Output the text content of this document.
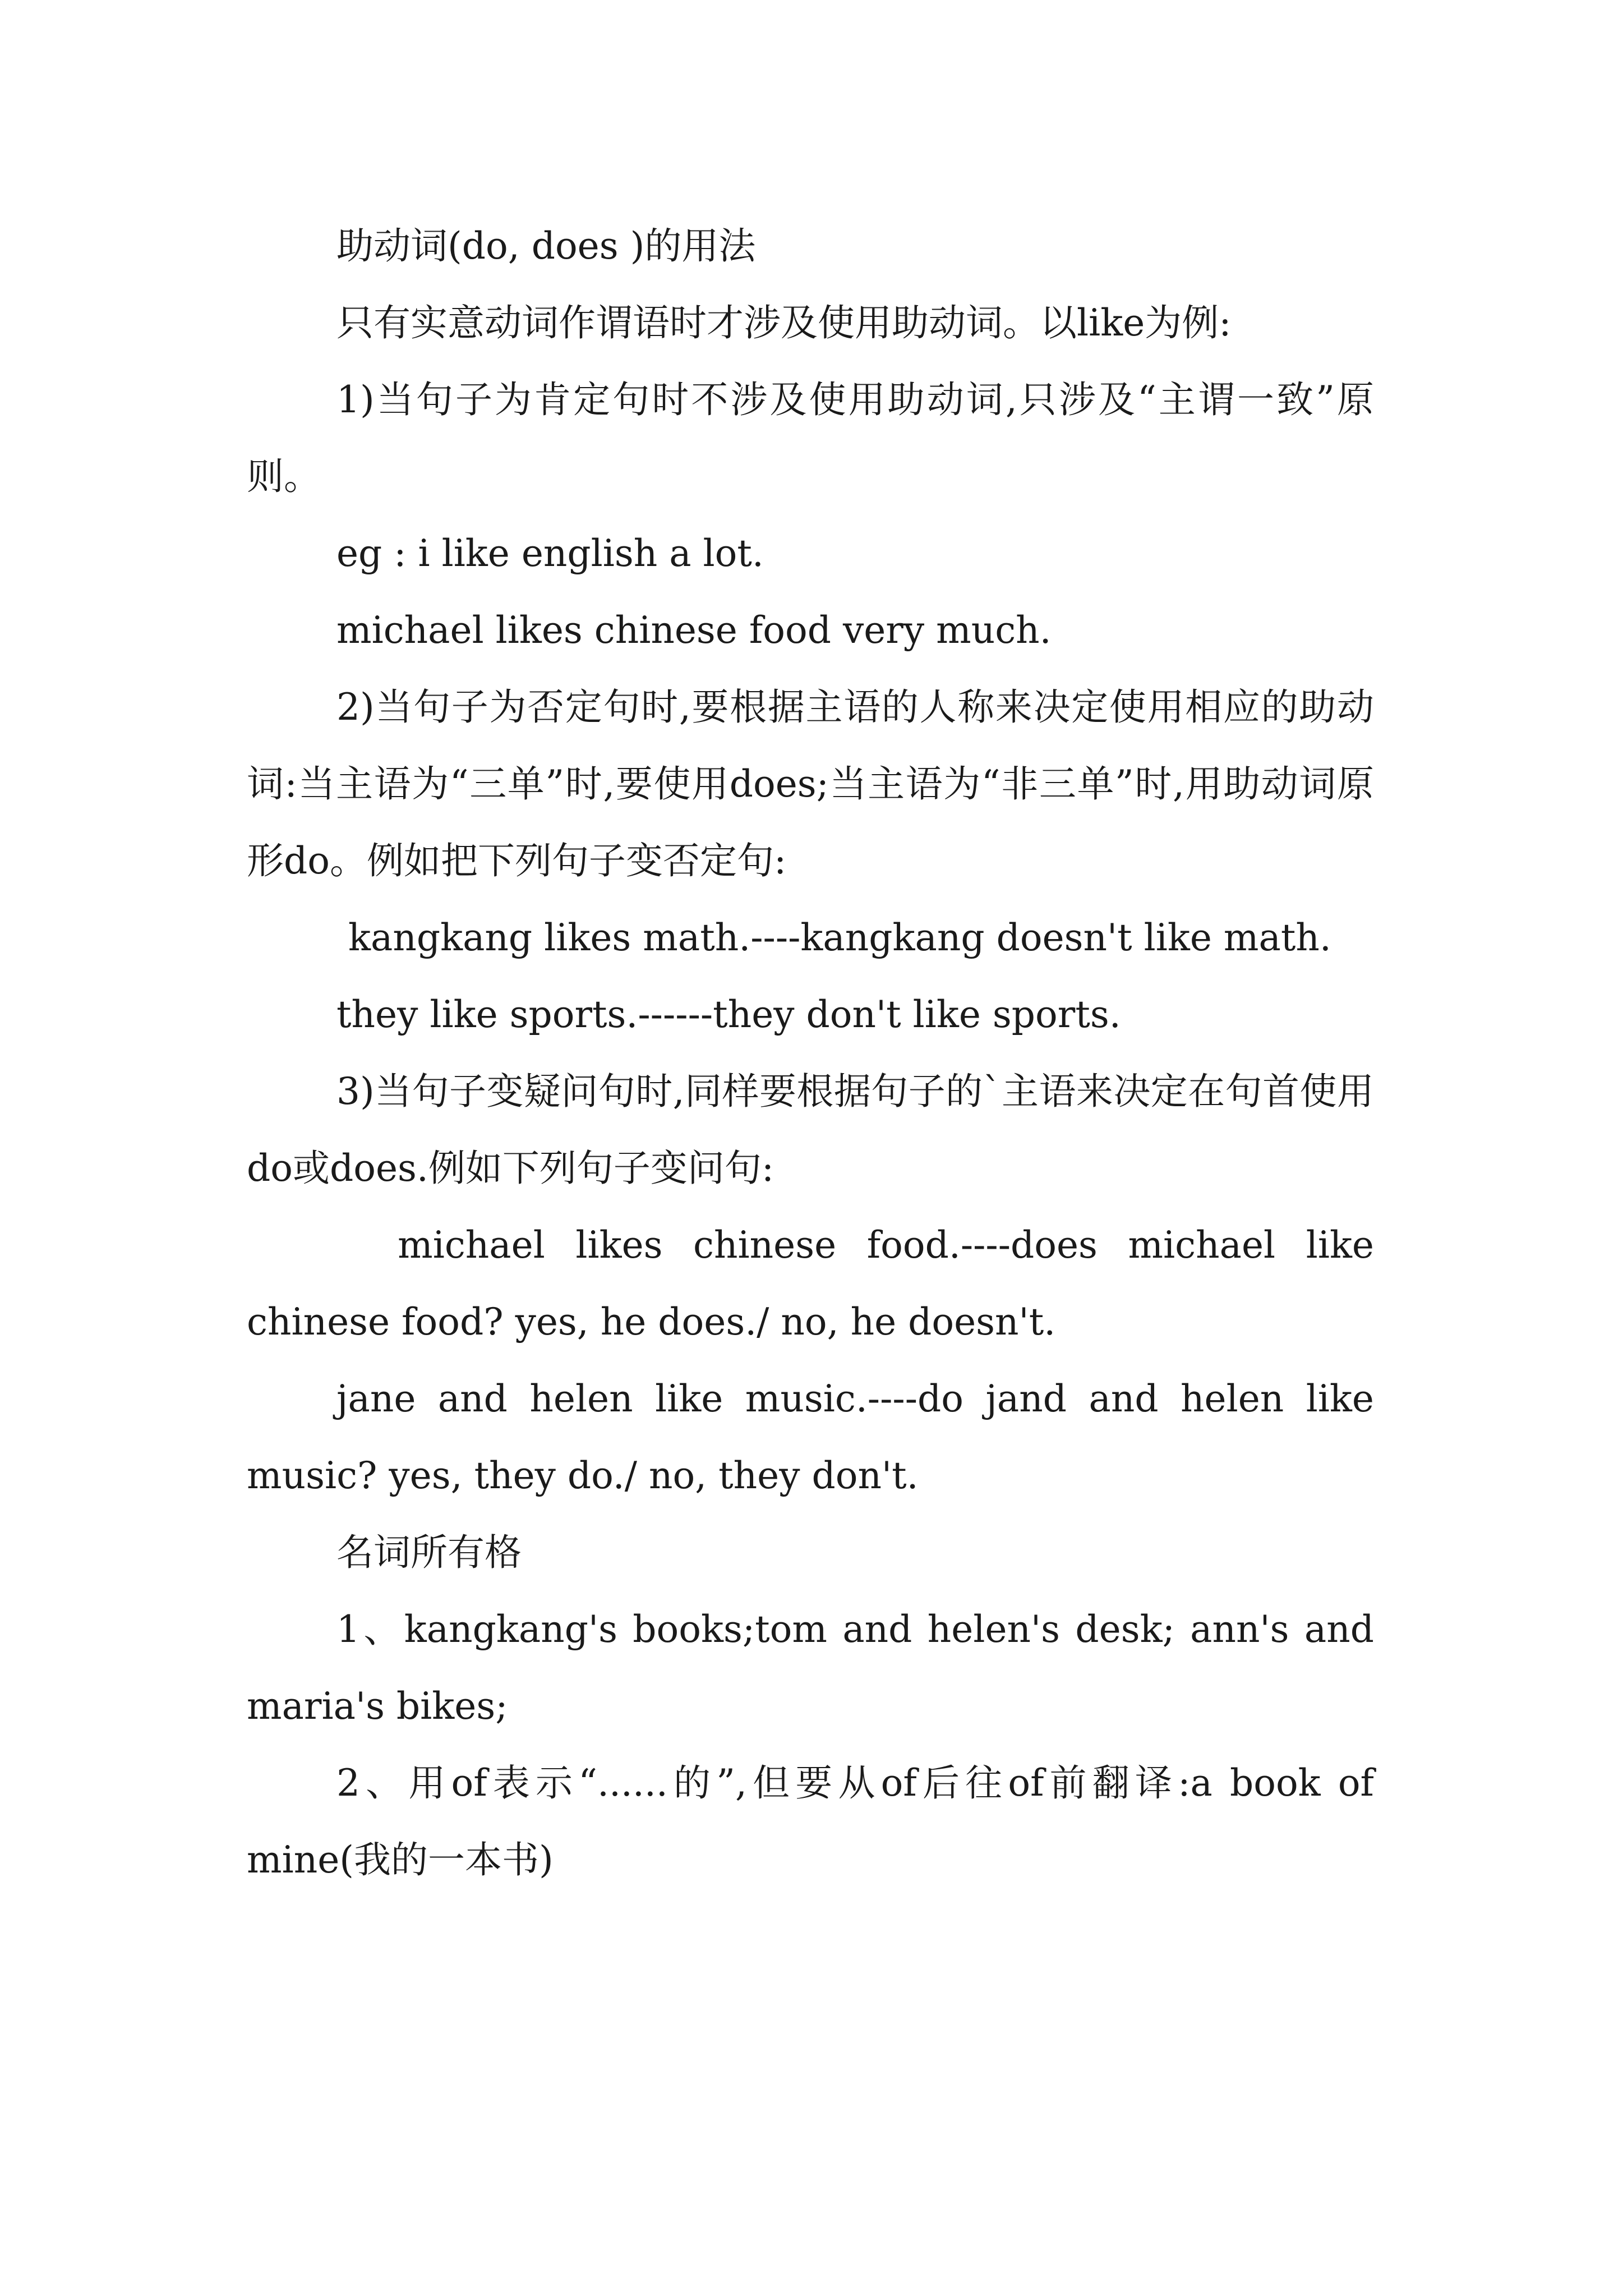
助动词(do, does )的用法

只有实意动词作谓语时才涉及使用助动词。以like为例:

1)当句子为肯定句时不涉及使用助动词,只涉及“主谓一致”原则。

eg : i like english a lot.

michael likes chinese food very much.

2)当句子为否定句时,要根据主语的人称来决定使用相应的助动词:当主语为“三单”时,要使用does;当主语为“非三单”时,用助动词原形do。例如把下列句子变否定句:

kangkang likes math.----kangkang doesn't like math.

they like sports.------they don't like sports.

3)当句子变疑问句时,同样要根据句子的`主语来决定在句首使用do或does.例如下列句子变问句:

michael likes chinese food.----does michael like chinese food? yes, he does./ no, he doesn't.

jane and helen like music.----do jand and helen like music? yes, they do./ no, they don't.

名词所有格

1、kangkang's books;tom and helen's desk; ann's and maria's bikes;

2、用of表示“......的”,但要从of后往of前翻译:a book of mine(我的一本书)
